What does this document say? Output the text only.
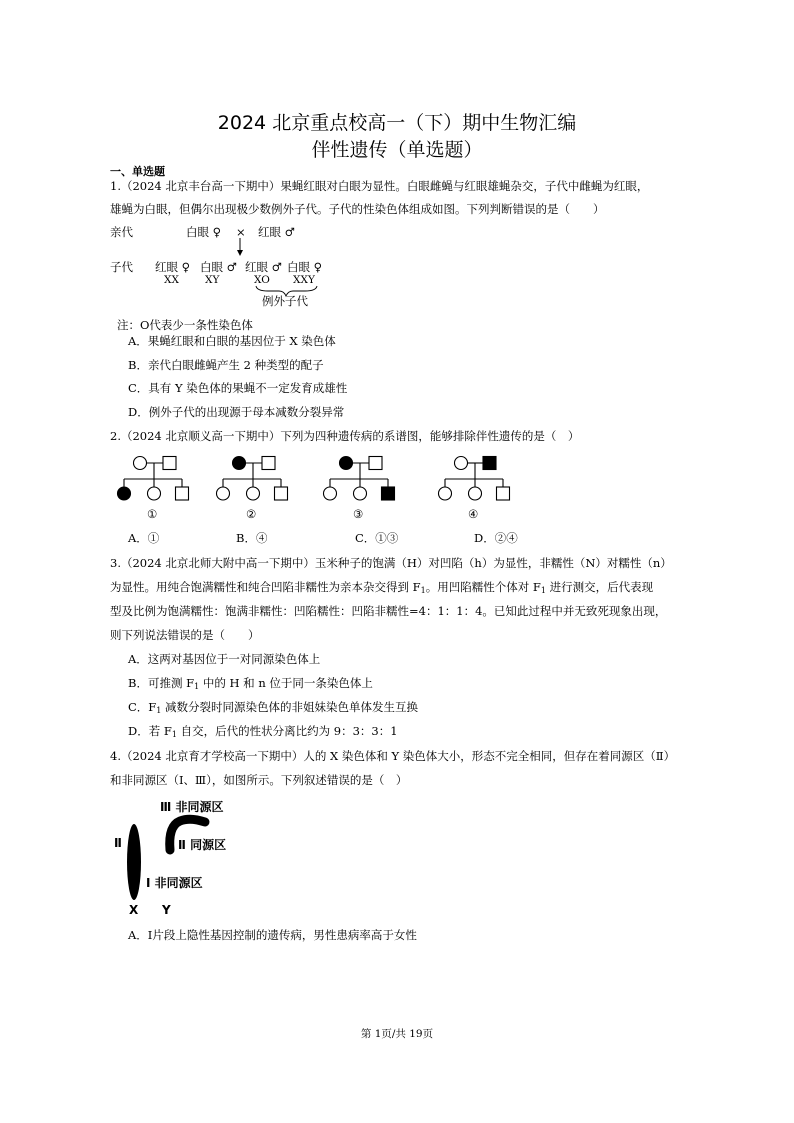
2024 北京重点校高一（下）期中生物汇编
伴性遗传（单选题）
一、单选题
1.（2024 北京丰台高一下期中）果蝇红眼对白眼为显性。白眼雌蝇与红眼雄蝇杂交，子代中雌蝇为红眼，
雄蝇为白眼，但偶尔出现极少数例外子代。子代的性染色体组成如图。下列判断错误的是（　　）
亲代	白眼 ♀ × 红眼 ♂
子代 红眼 ♀ 白眼 ♂ 红眼 ♂ 白眼 ♀
XX XY	XO XXY
例外子代
注：O代表少一条性染色体
A．果蝇红眼和白眼的基因位于 X 染色体
B．亲代白眼雌蝇产生 2 种类型的配子
C．具有 Y 染色体的果蝇不一定发育成雄性
D．例外子代的出现源于母本减数分裂异常
2.（2024 北京顺义高一下期中）下列为四种遗传病的系谱图，能够排除伴性遗传的是（　）
①	②	③	④
A．①	B．④	C．①③	D．②④
3.（2024 北京北师大附中高一下期中）玉米种子的饱满（H）对凹陷（h）为显性，非糯性（N）对糯性（n）
为显性。用纯合饱满糯性和纯合凹陷非糯性为亲本杂交得到 $F_1$。用凹陷糯性个体对 $F_1$ 进行测交，后代表现
型及比例为饱满糯性：饱满非糯性：凹陷糯性：凹陷非糯性=4：1：1：4。已知此过程中并无致死现象出现，
则下列说法错误的是（　　）
A．这两对基因位于一对同源染色体上
B．可推测 $F_1$ 中的 H 和 n 位于同一条染色体上
C．$F_1$ 减数分裂时同源染色体的非姐妹染色单体发生互换
D．若 $F_1$ 自交，后代的性状分离比约为 9：3：3：1
4.（2024 北京育才学校高一下期中）人的 X 染色体和 Y 染色体大小，形态不完全相同，但存在着同源区（Ⅱ）
和非同源区（Ⅰ、Ⅲ），如图所示。下列叙述错误的是（　）
Ⅲ 非同源区
Ⅱ	Ⅱ 同源区
Ⅰ 非同源区
X Y
A．Ⅰ片段上隐性基因控制的遗传病，男性患病率高于女性
第 1页/共 19页
